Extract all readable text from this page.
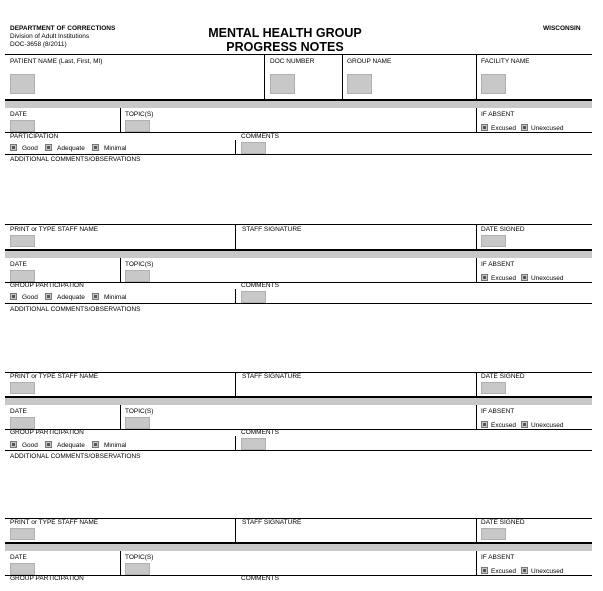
DEPARTMENT OF CORRECTIONS
Division of Adult Institutions
DOC-3658 (8/2011)
MENTAL HEALTH GROUP
PROGRESS NOTES
WISCONSIN
PATIENT NAME (Last, First, MI)	DOC NUMBER	GROUP NAME	FACILITY NAME
DATE	TOPIC(S)	IF ABSENT
Excused Unexcused
PARTICIPATION	COMMENTS
Good	Adequate	Minimal
ADDITIONAL COMMENTS/OBSERVATIONS
PRINT or TYPE STAFF NAME	STAFF SIGNATURE	DATE SIGNED
DATE	TOPIC(S)	IF ABSENT
Excused Unexcused
GROUP PARTICIPATION	COMMENTS
Good	Adequate	Minimal
ADDITIONAL COMMENTS/OBSERVATIONS
PRINT or TYPE STAFF NAME	STAFF SIGNATURE	DATE SIGNED
DATE	TOPIC(S)	IF ABSENT
Excused Unexcused
GROUP PARTICIPATION	COMMENTS
Good	Adequate	Minimal
ADDITIONAL COMMENTS/OBSERVATIONS
PRINT or TYPE STAFF NAME	STAFF SIGNATURE	DATE SIGNED
DATE	TOPIC(S)	IF ABSENT
Excused Unexcused
GROUP PARTICIPATION	COMMENTS
